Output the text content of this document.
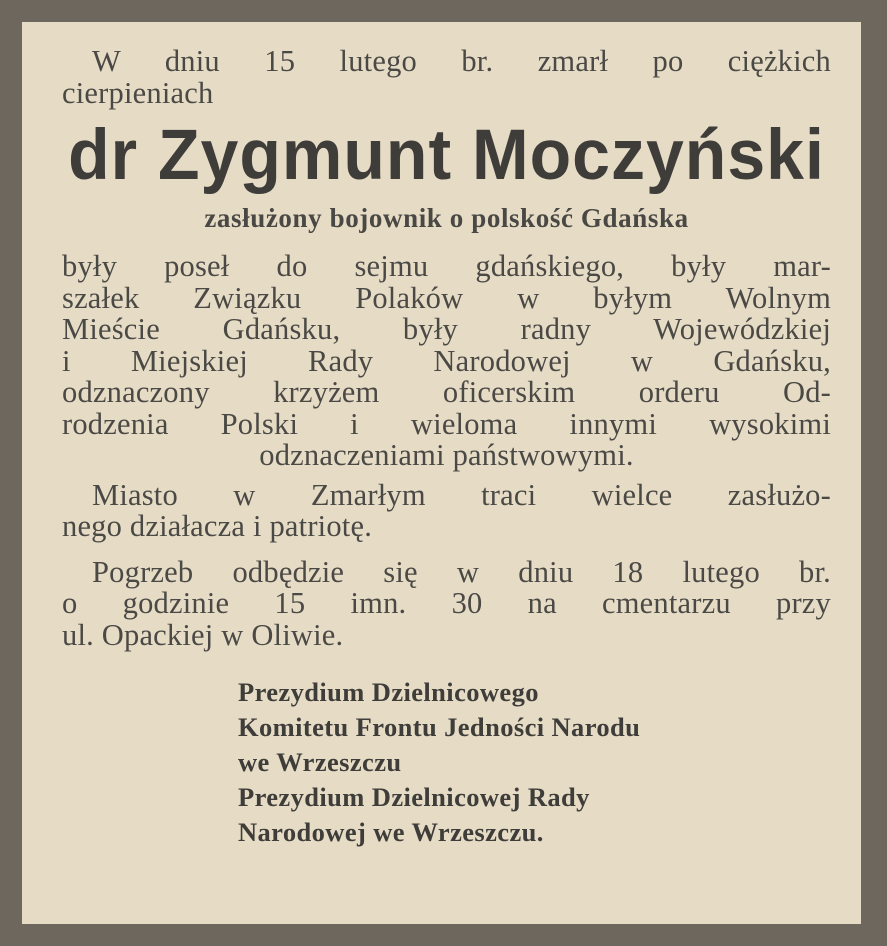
W dniu 15 lutego br. zmarł po ciężkich
cierpieniach
dr Zygmunt Moczyński
zasłużony bojownik o polskość Gdańska
były poseł do sejmu gdańskiego, były mar-
szałek Związku Polaków w byłym Wolnym
Mieście Gdańsku, były radny Wojewódzkiej
i Miejskiej Rady Narodowej w Gdańsku,
odznaczony krzyżem oficerskim orderu Od-
rodzenia Polski i wieloma innymi wysokimi
odznaczeniami państwowymi.
Miasto w Zmarłym traci wielce zasłużo-
nego działacza i patriotę.
Pogrzeb odbędzie się w dniu 18 lutego br.
o godzinie 15 imn. 30 na cmentarzu przy
ul. Opackiej w Oliwie.
Prezydium Dzielnicowego
Komitetu Frontu Jedności Narodu
we Wrzeszczu
Prezydium Dzielnicowej Rady
Narodowej we Wrzeszczu.
